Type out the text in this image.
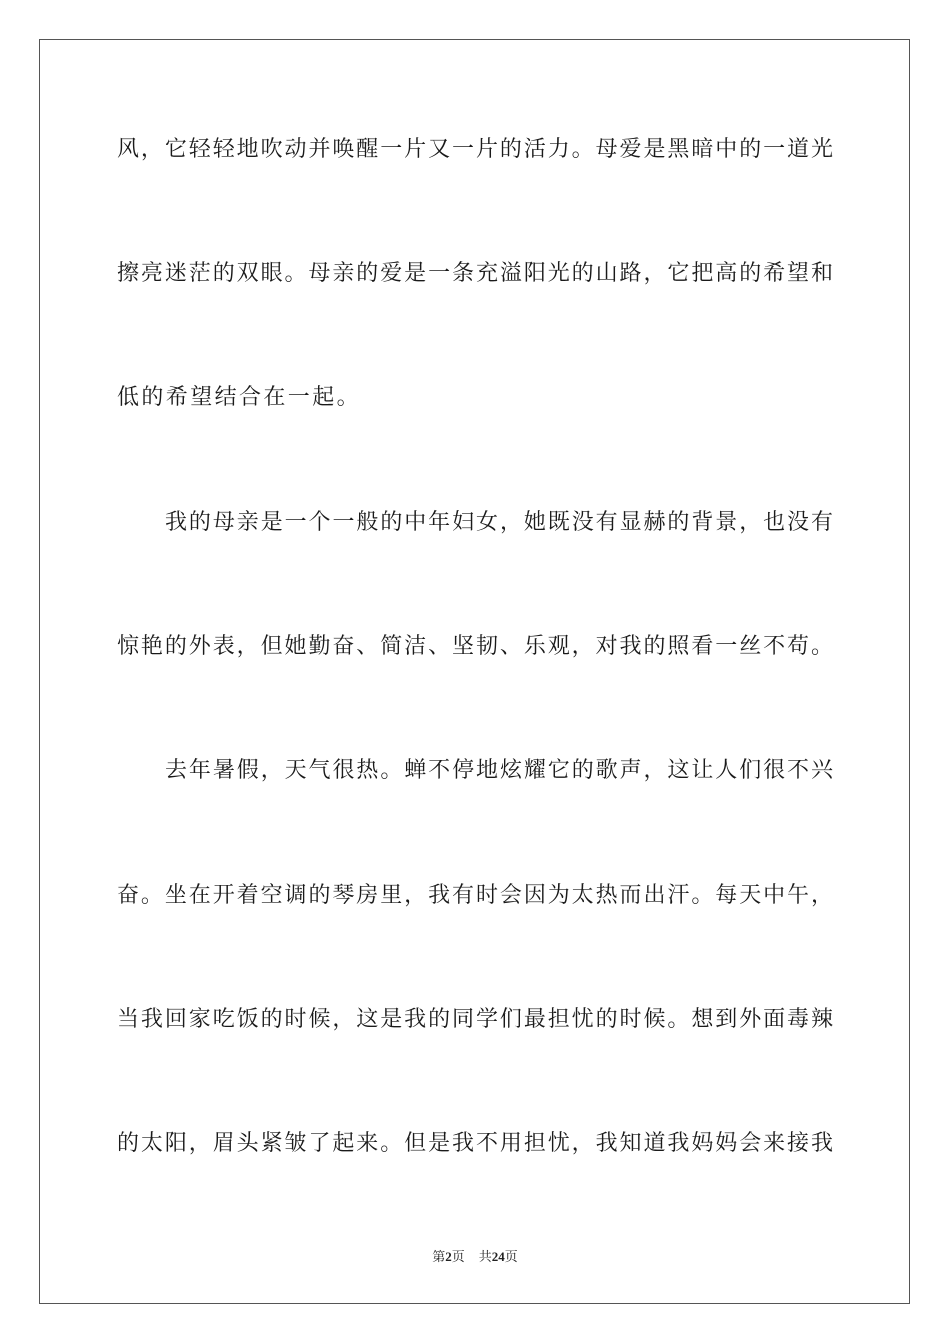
风，它轻轻地吹动并唤醒一片又一片的活力。母爱是黑暗中的一道光
擦亮迷茫的双眼。母亲的爱是一条充溢阳光的山路，它把高的希望和
低的希望结合在一起。
我的母亲是一个一般的中年妇女，她既没有显赫的背景，也没有
惊艳的外表，但她勤奋、简洁、坚韧、乐观，对我的照看一丝不苟。
去年暑假，天气很热。蝉不停地炫耀它的歌声，这让人们很不兴
奋。坐在开着空调的琴房里，我有时会因为太热而出汗。每天中午，
当我回家吃饭的时候，这是我的同学们最担忧的时候。想到外面毒辣
的太阳，眉头紧皱了起来。但是我不用担忧，我知道我妈妈会来接我
第2页 共24页
